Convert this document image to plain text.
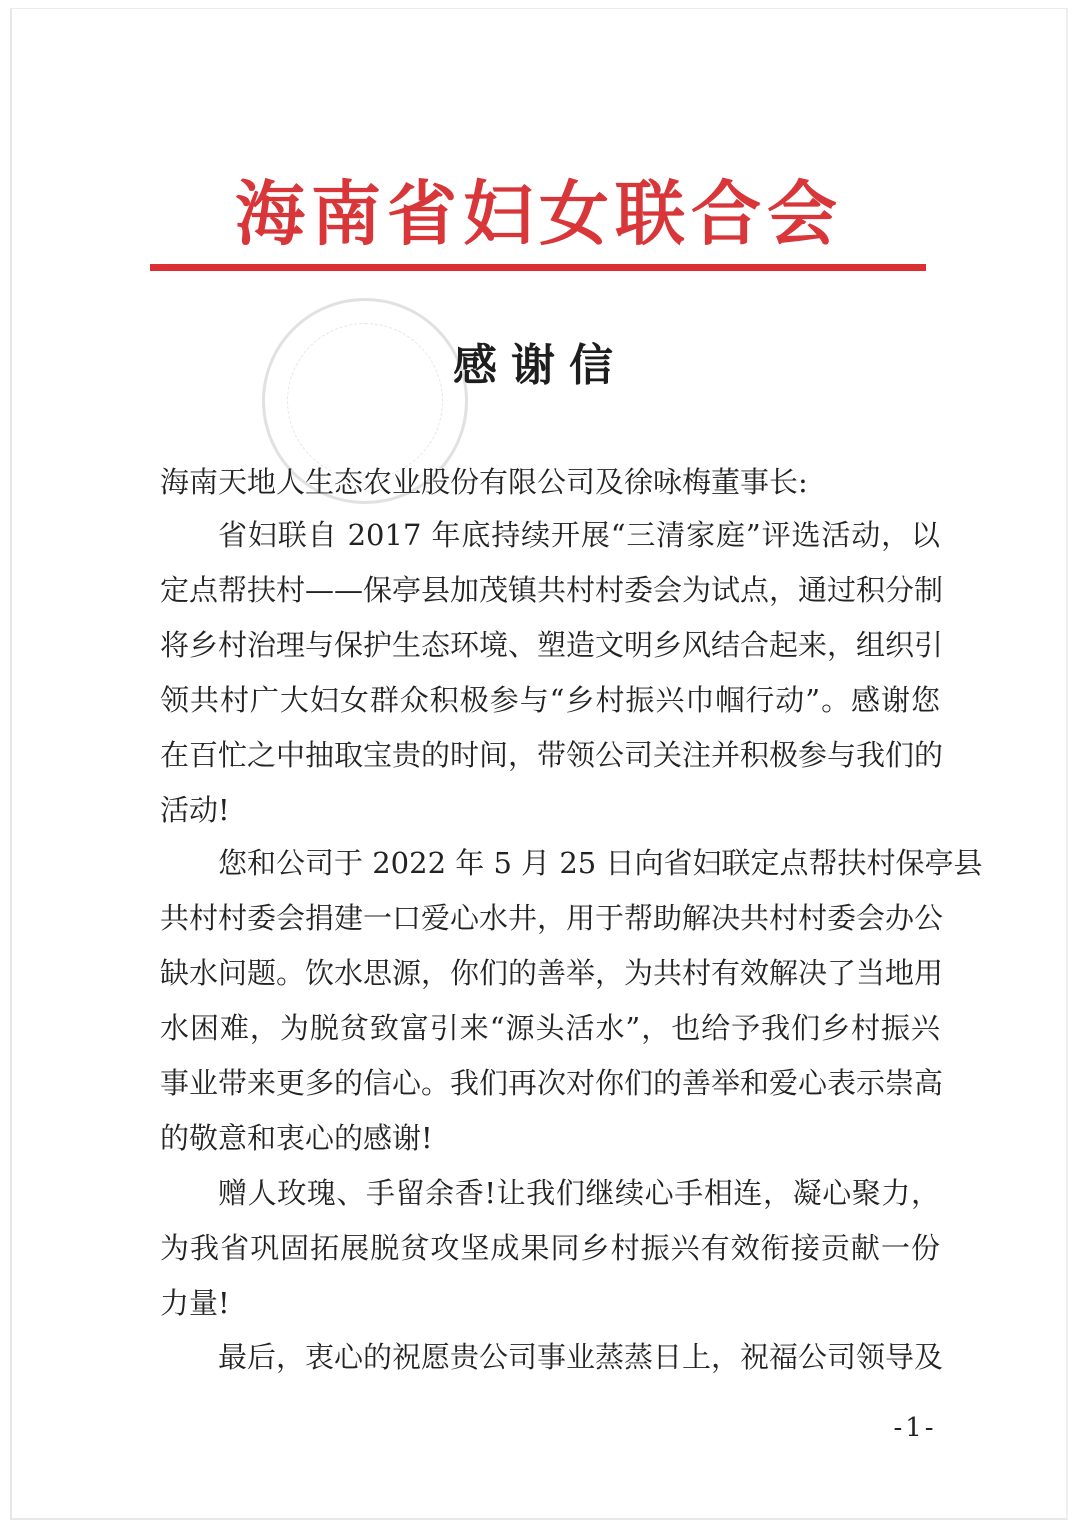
海南省妇女联合会
感谢信
海南天地人生态农业股份有限公司及徐咏梅董事长:
省妇联自 2017 年底持续开展“三清家庭”评选活动，以
定点帮扶村——保亭县加茂镇共村村委会为试点，通过积分制
将乡村治理与保护生态环境、塑造文明乡风结合起来，组织引
领共村广大妇女群众积极参与“乡村振兴巾帼行动”。感谢您
在百忙之中抽取宝贵的时间，带领公司关注并积极参与我们的
活动!
您和公司于 2022 年 5 月 25 日向省妇联定点帮扶村保亭县
共村村委会捐建一口爱心水井，用于帮助解决共村村委会办公
缺水问题。饮水思源，你们的善举，为共村有效解决了当地用
水困难，为脱贫致富引来“源头活水”，也给予我们乡村振兴
事业带来更多的信心。我们再次对你们的善举和爱心表示崇高
的敬意和衷心的感谢!
赠人玫瑰、手留余香!让我们继续心手相连，凝心聚力，
为我省巩固拓展脱贫攻坚成果同乡村振兴有效衔接贡献一份
力量!
最后，衷心的祝愿贵公司事业蒸蒸日上，祝福公司领导及
-1-
